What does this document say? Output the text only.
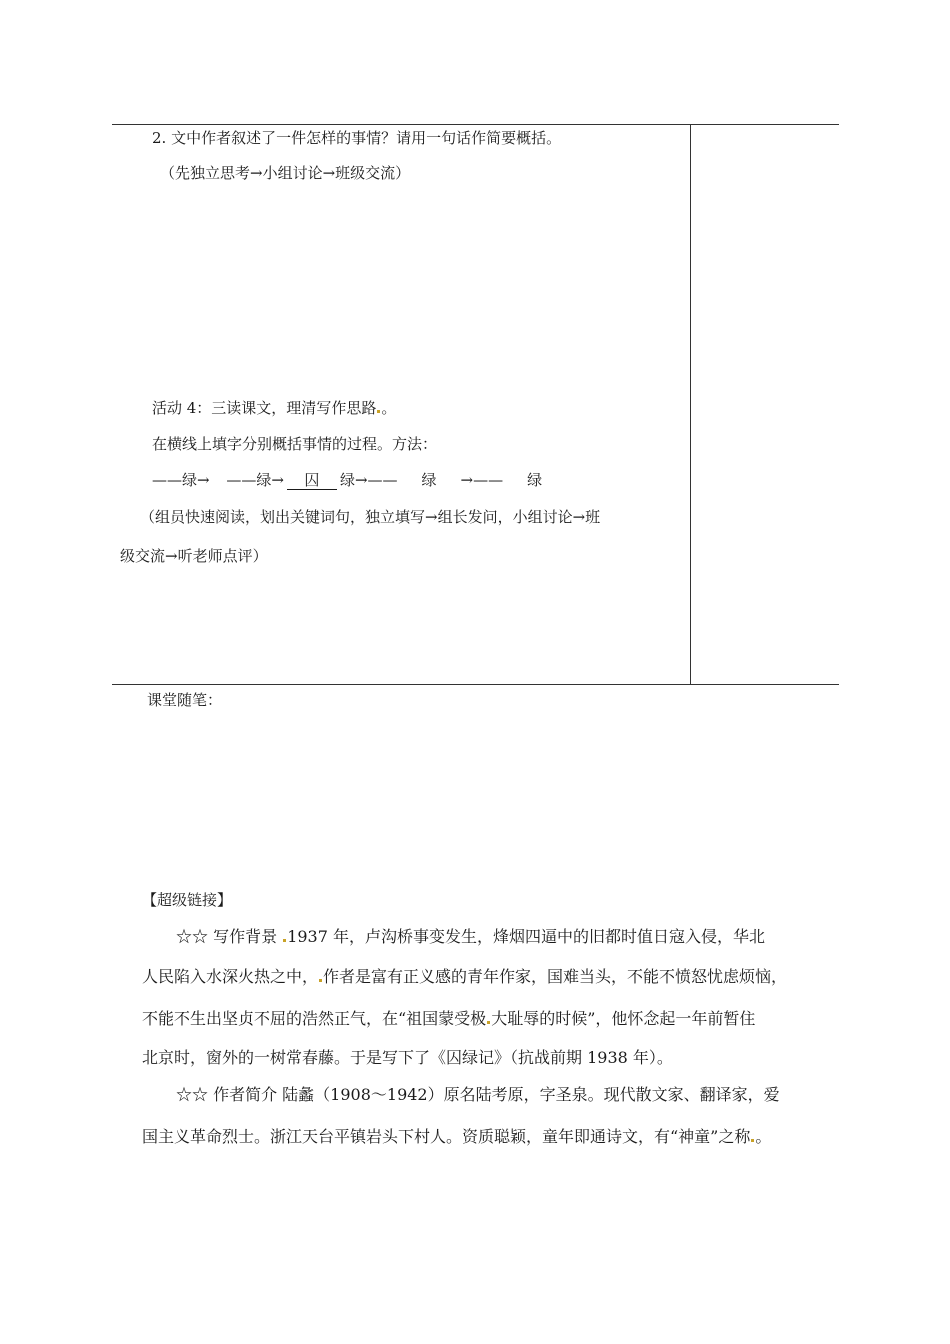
2. 文中作者叙述了一件怎样的事情？请用一句话作简要概括。
（先独立思考→小组讨论→班级交流）
活动 4：三读课文，理清写作思路 。
在横线上填字分别概括事情的过程。方法：
——绿→ ——绿→ 囚 绿→—— 绿 →—— 绿
（组员快速阅读，划出关键词句，独立填写→组长发问，小组讨论→班
级交流→听老师点评）
课堂随笔：
【超级链接】
☆☆ 写作背景 1937 年，卢沟桥事变发生，烽烟四逼中的旧都时值日寇入侵，华北
人民陷入水深火热之中， 作者是富有正义感的青年作家，国难当头，不能不愤怒忧虑烦恼，
不能不生出坚贞不屈的浩然正气，在“祖国蒙受极 大耻辱的时候”，他怀念起一年前暂住
北京时，窗外的一树常春藤。于是写下了《囚绿记》（抗战前期 1938 年）。
☆☆ 作者简介 陆蠡（1908～1942）原名陆考原，字圣泉。现代散文家、翻译家，爱
国主义革命烈士。浙江天台平镇岩头下村人。资质聪颖，童年即通诗文，有“神童”之称 。
